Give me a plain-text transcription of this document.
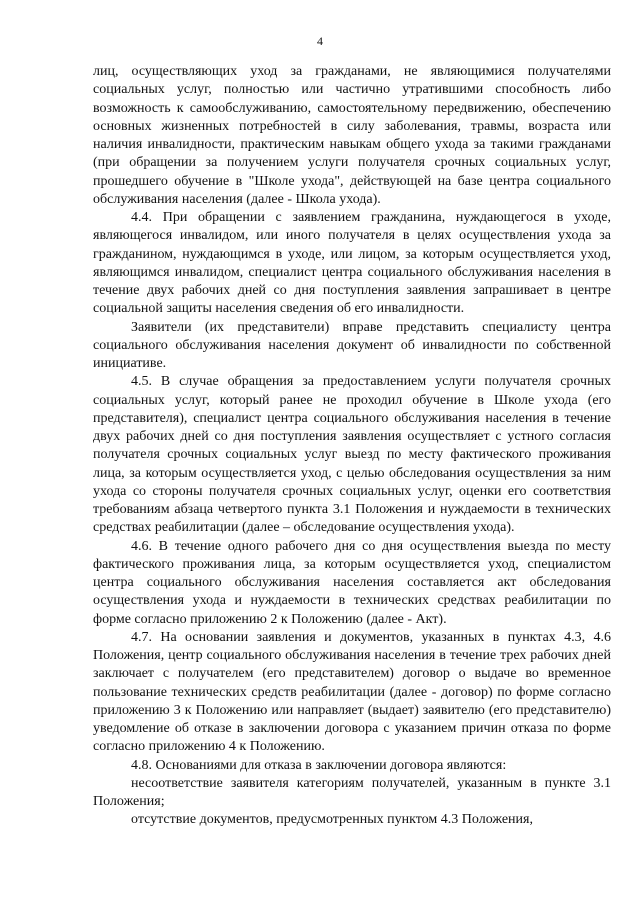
4

лиц, осуществляющих уход за гражданами, не являющимися получателями социальных услуг, полностью или частично утратившими способность либо возможность к самообслуживанию, самостоятельному передвижению, обеспечению основных жизненных потребностей в силу заболевания, травмы, возраста или наличия инвалидности, практическим навыкам общего ухода за такими гражданами (при обращении за получением услуги получателя срочных социальных услуг, прошедшего обучение в "Школе ухода", действующей на базе центра социального обслуживания населения (далее - Школа ухода).

4.4. При обращении с заявлением гражданина, нуждающегося в уходе, являющегося инвалидом, или иного получателя в целях осуществления ухода за гражданином, нуждающимся в уходе, или лицом, за которым осуществляется уход, являющимся инвалидом, специалист центра социального обслуживания населения в течение двух рабочих дней со дня поступления заявления запрашивает в центре социальной защиты населения сведения об его инвалидности.

Заявители (их представители) вправе представить специалисту центра социального обслуживания населения документ об инвалидности по собственной инициативе.

4.5. В случае обращения за предоставлением услуги получателя срочных социальных услуг, который ранее не проходил обучение в Школе ухода (его представителя), специалист центра социального обслуживания населения в течение двух рабочих дней со дня поступления заявления осуществляет с устного согласия получателя срочных социальных услуг выезд по месту фактического проживания лица, за которым осуществляется уход, с целью обследования осуществления за ним ухода со стороны получателя срочных социальных услуг, оценки его соответствия требованиям абзаца четвертого пункта 3.1 Положения и нуждаемости в технических средствах реабилитации (далее – обследование осуществления ухода).

4.6. В течение одного рабочего дня со дня осуществления выезда по месту фактического проживания лица, за которым осуществляется уход, специалистом центра социального обслуживания населения составляется акт обследования осуществления ухода и нуждаемости в технических средствах реабилитации по форме согласно приложению 2 к Положению (далее - Акт).

4.7. На основании заявления и документов, указанных в пунктах 4.3, 4.6 Положения, центр социального обслуживания населения в течение трех рабочих дней заключает с получателем (его представителем) договор о выдаче во временное пользование технических средств реабилитации (далее - договор) по форме согласно приложению 3 к Положению или направляет (выдает) заявителю (его представителю) уведомление об отказе в заключении договора с указанием причин отказа по форме согласно приложению 4 к Положению.

4.8. Основаниями для отказа в заключении договора являются:

несоответствие заявителя категориям получателей, указанным в пункте 3.1 Положения;

отсутствие документов, предусмотренных пунктом 4.3 Положения,
